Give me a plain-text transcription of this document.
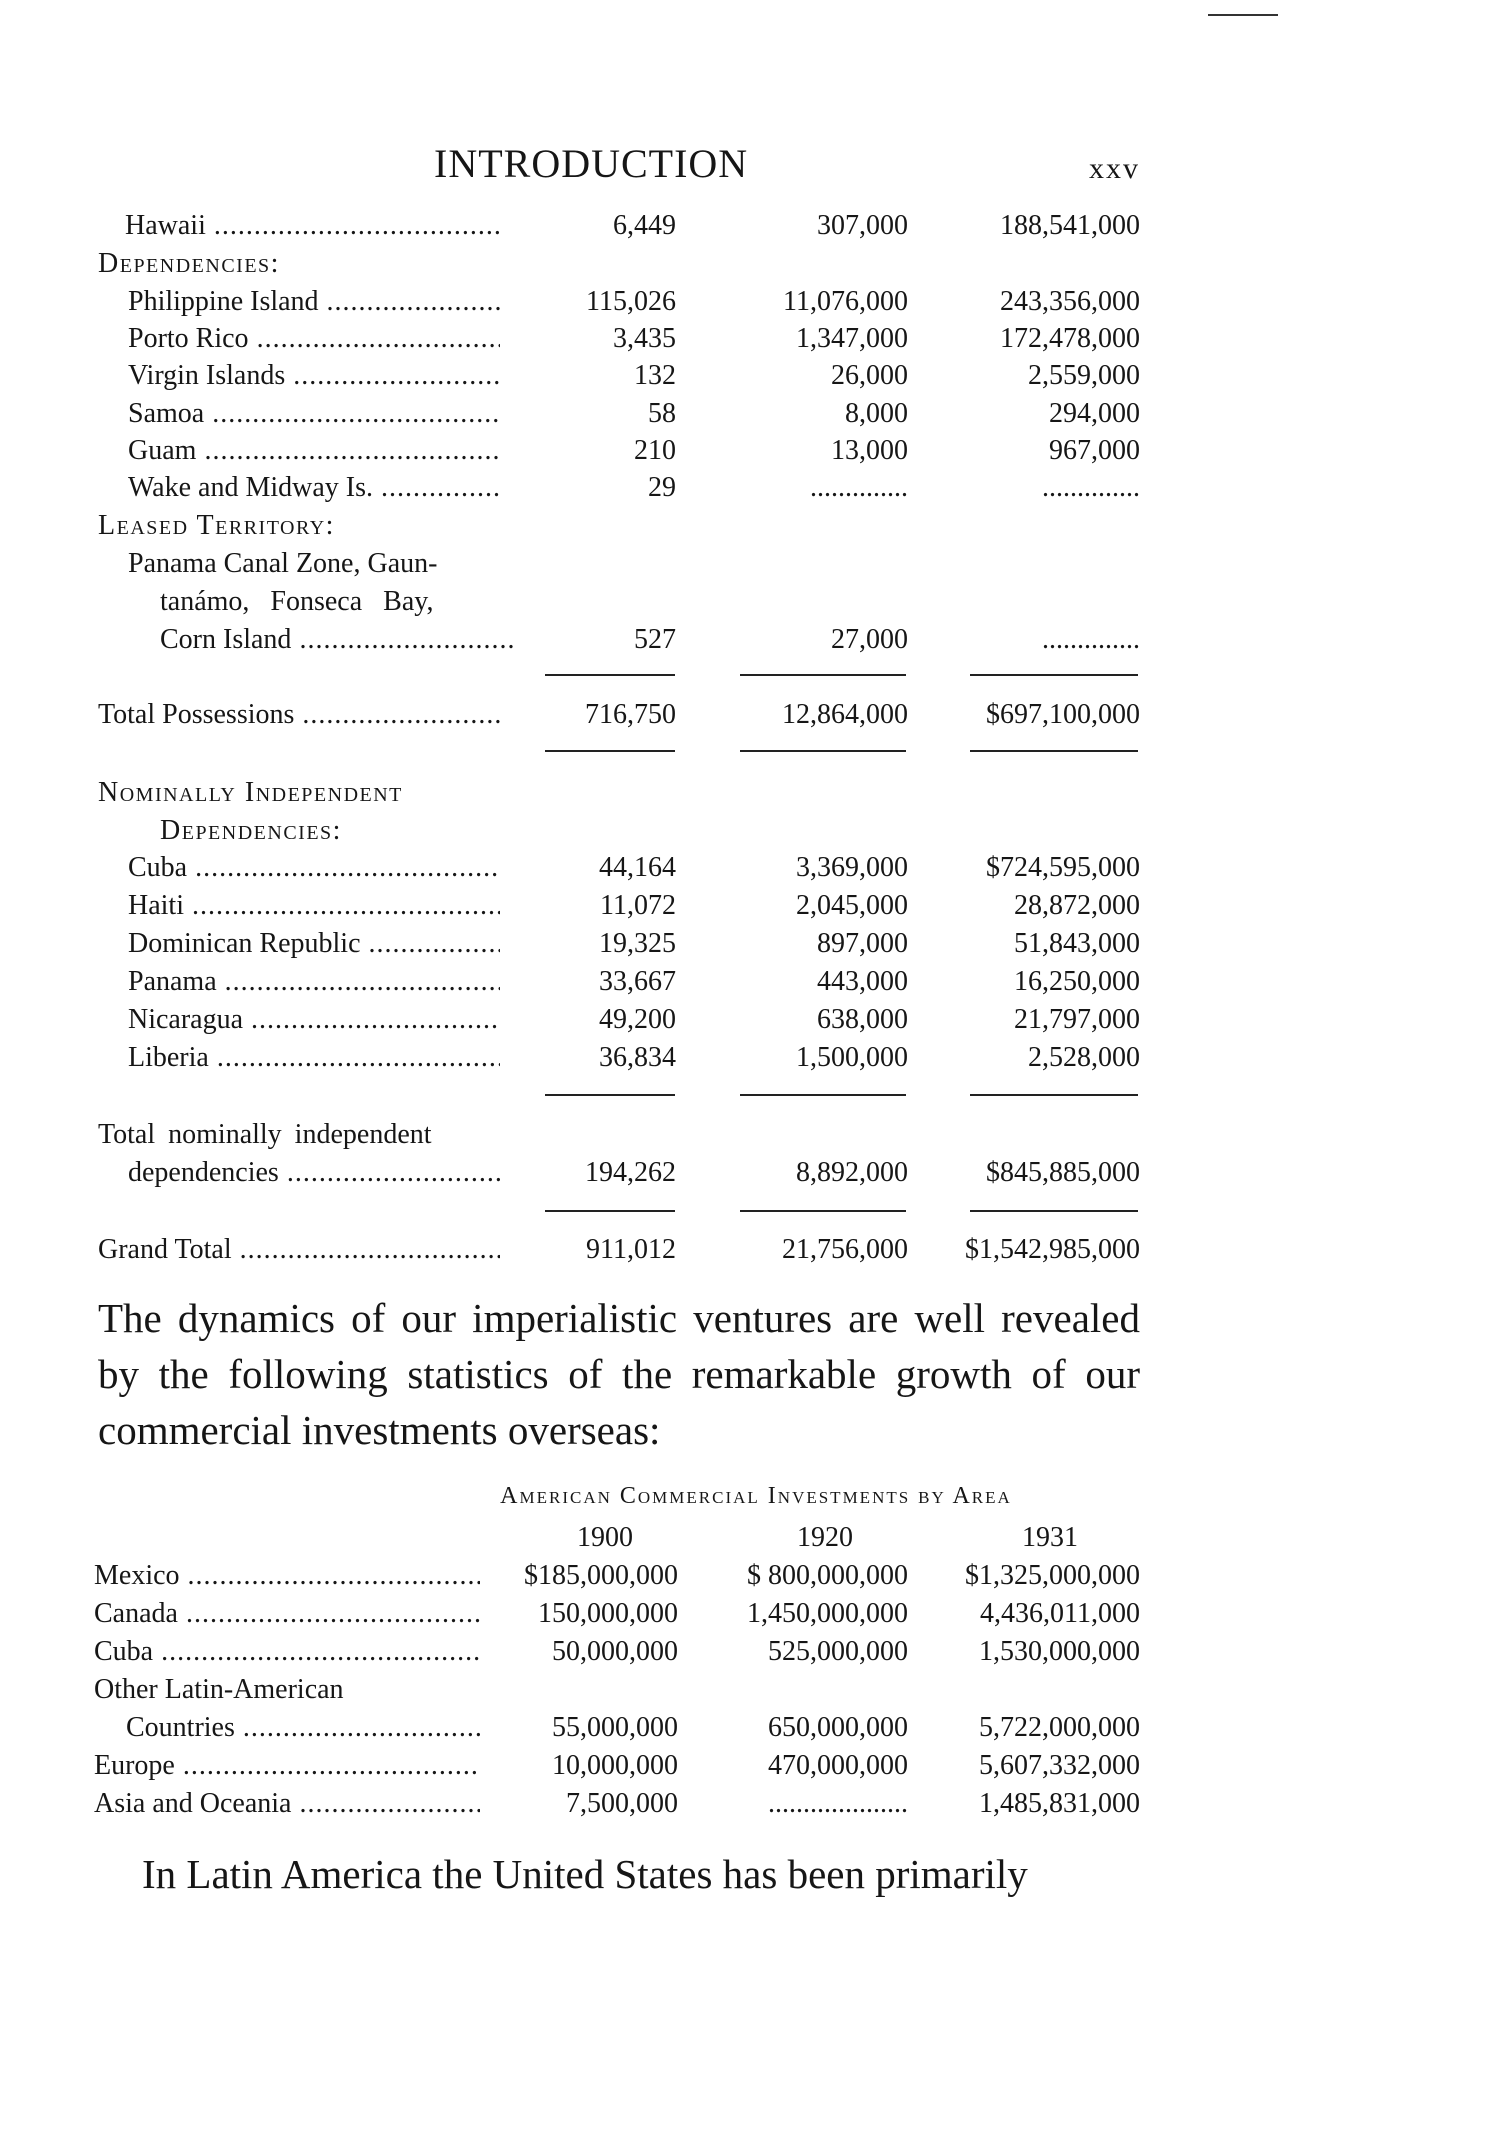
INTRODUCTION	xxv
Hawaii .....	6,449	307,000	188,541,000
Dependencies:
Philippine Island .....	115,026	11,076,000	243,356,000
Porto Rico .....	3,435	1,347,000	172,478,000
Virgin Islands .....	132	26,000	2,559,000
Samoa .....	58	8,000	294,000
Guam .....	210	13,000	967,000
Wake and Midway Is. .....	29	..............	..............
Leased Territory:
Panama Canal Zone, Gaun-
tanámo, Fonseca Bay,
Corn Island .....	527	27,000	..............
Total Possessions .....	716,750	12,864,000	$697,100,000
Nominally Independent
Dependencies:
Cuba .....	44,164	3,369,000	$724,595,000
Haiti .....	11,072	2,045,000	28,872,000
Dominican Republic .....	19,325	897,000	51,843,000
Panama .....	33,667	443,000	16,250,000
Nicaragua .....	49,200	638,000	21,797,000
Liberia .....	36,834	1,500,000	2,528,000
Total nominally independent
dependencies .....	194,262	8,892,000	$845,885,000
Grand Total .....	911,012	21,756,000	$1,542,985,000

The dynamics of our imperialistic ventures are well revealed by the following statistics of the remarkable growth of our commercial investments overseas:

American Commercial Investments by Area
1900	1920	1931
Mexico .....	$185,000,000	$ 800,000,000	$1,325,000,000
Canada .....	150,000,000	1,450,000,000	4,436,011,000
Cuba .....	50,000,000	525,000,000	1,530,000,000
Other Latin-American
Countries .....	55,000,000	650,000,000	5,722,000,000
Europe .....	10,000,000	470,000,000	5,607,332,000
Asia and Oceania .....	7,500,000	....................	1,485,831,000

In Latin America the United States has been primarily
